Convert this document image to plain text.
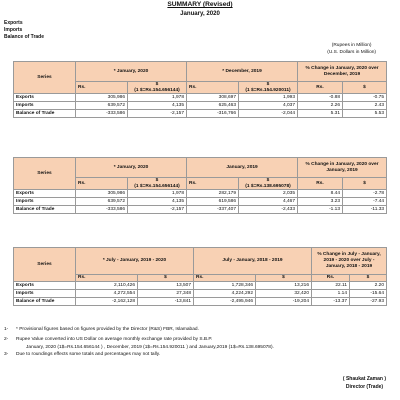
SUMMARY (Revised)
January, 2020
Exports
Imports
Balance of Trade
(Rupees in Million)
(U.S. Dollars in Million)
Series	* January, 2020		* December, 2019		% Change in January, 2020 over December, 2019	
	Rs.	$
(1 $=Rs.154.656144)	Rs.	$
(1 $=Rs.154.920011)	Rs.	$
Exports	305,986	1,978	308,697	1,993	-0.88	-0.75
Imports	639,572	4,135	625,463	4,037	2.26	2.43
Balance of Trade	-333,586	-2,157	-316,766	-2,044	5.31	5.53
Series	* January, 2020		January, 2019		% Change in January, 2020 over January, 2019	
	Rs.	$
(1 $=Rs.154.656144)	Rs.	$
(1 $=Rs.138.695078)	Rs.	$
Exports	305,986	1,978	282,179	2,035	8.44	-2.78
Imports	639,572	4,135	619,586	4,467	3.23	-7.44
Balance of Trade	-333,586	-2,157	-337,407	-2,433	-1.13	-11.33
Series	* July - January, 2019 - 2020		July - January, 2018 - 2019		% Change in July - January, 2019 - 2020 over July - January, 2018 - 2019	
	Rs.	$	Rs.	$	Rs.	$
Exports	2,110,426	13,507	1,728,346	13,216	22.11	2.20
Imports	4,272,554	27,348	4,224,292	32,420	1.14	-15.64
Balance of Trade	-2,162,128	-13,841	-2,495,946	-19,204	-13.37	-27.93
1- * Provisional figures based on figures provided by the Director (R&S) FBR, Islamabad.
2- Rupee Value converted into US Dollar on average monthly exchange rate provided by S.B.P.
January, 2020 (1$=Rs.154.656144 ) , December, 2019 (1$=Rs.154.920011 ) and January,2019 (1$=Rs.138.695078).
3- Due to roundings effects some totals and percentages may not tally.
( Shaukat Zaman )
Director (Trade)
